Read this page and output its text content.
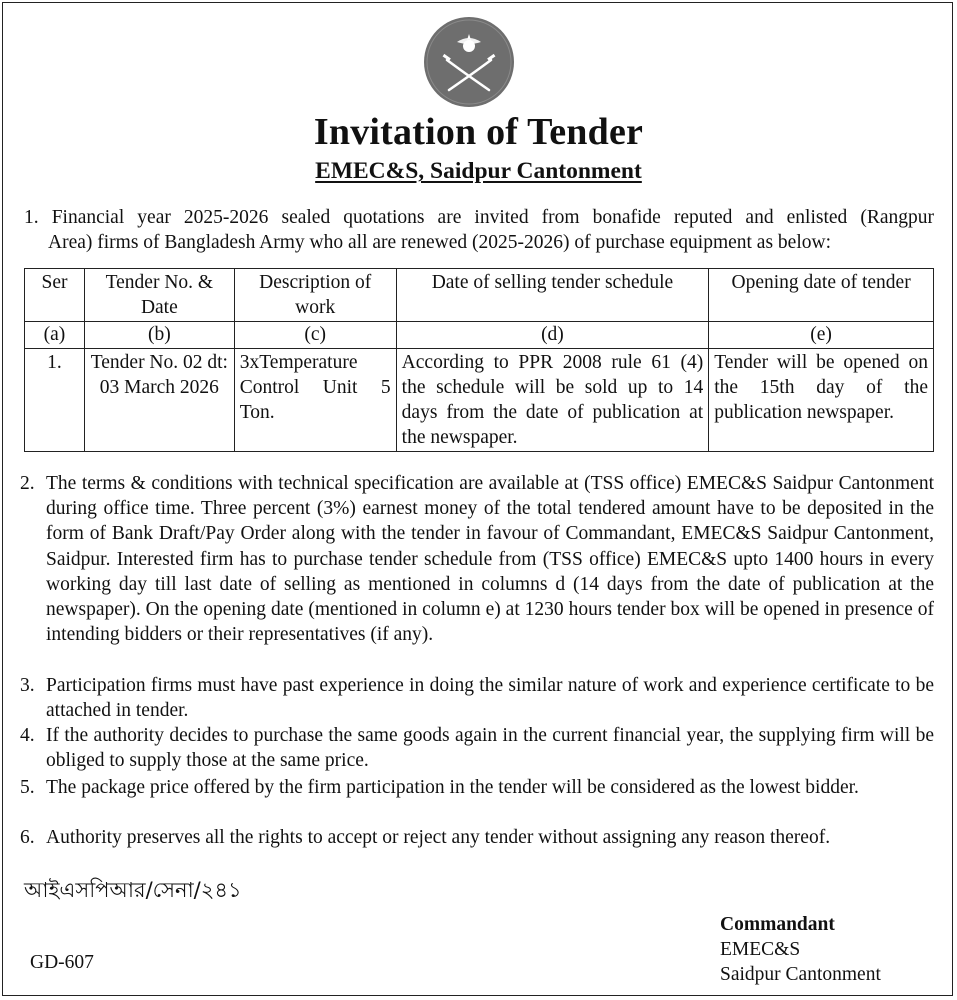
Invitation of Tender
EMEC&S, Saidpur Cantonment
1. Financial year 2025-2026 sealed quotations are invited from bonafide reputed and enlisted (Rangpur
Area) firms of Bangladesh Army who all are renewed (2025-2026) of purchase equipment as below:
Ser	Tender No. & Date	Description of work	Date of selling tender schedule	Opening date of tender
(a)	(b)	(c)	(d)	(e)
1.	Tender No. 02 dt: 03 March 2026	3xTemperature Control Unit 5 Ton.	According to PPR 2008 rule 61 (4) the schedule will be sold up to 14 days from the date of publication at the newspaper.	Tender will be opened on the 15th day of the publication newspaper.
2. The terms & conditions with technical specification are available at (TSS office) EMEC&S Saidpur Cantonment during office time. Three percent (3%) earnest money of the total tendered amount have to be deposited in the form of Bank Draft/Pay Order along with the tender in favour of Commandant, EMEC&S Saidpur Cantonment, Saidpur. Interested firm has to purchase tender schedule from (TSS office) EMEC&S upto 1400 hours in every working day till last date of selling as mentioned in columns d (14 days from the date of publication at the newspaper). On the opening date (mentioned in column e) at 1230 hours tender box will be opened in presence of intending bidders or their representatives (if any).
3. Participation firms must have past experience in doing the similar nature of work and experience certificate to be attached in tender.
4. If the authority decides to purchase the same goods again in the current financial year, the supplying firm will be obliged to supply those at the same price.
5. The package price offered by the firm participation in the tender will be considered as the lowest bidder.
6. Authority preserves all the rights to accept or reject any tender without assigning any reason thereof.
আইএসপিআর/সেনা/২৪১
GD-607
Commandant
EMEC&S
Saidpur Cantonment
